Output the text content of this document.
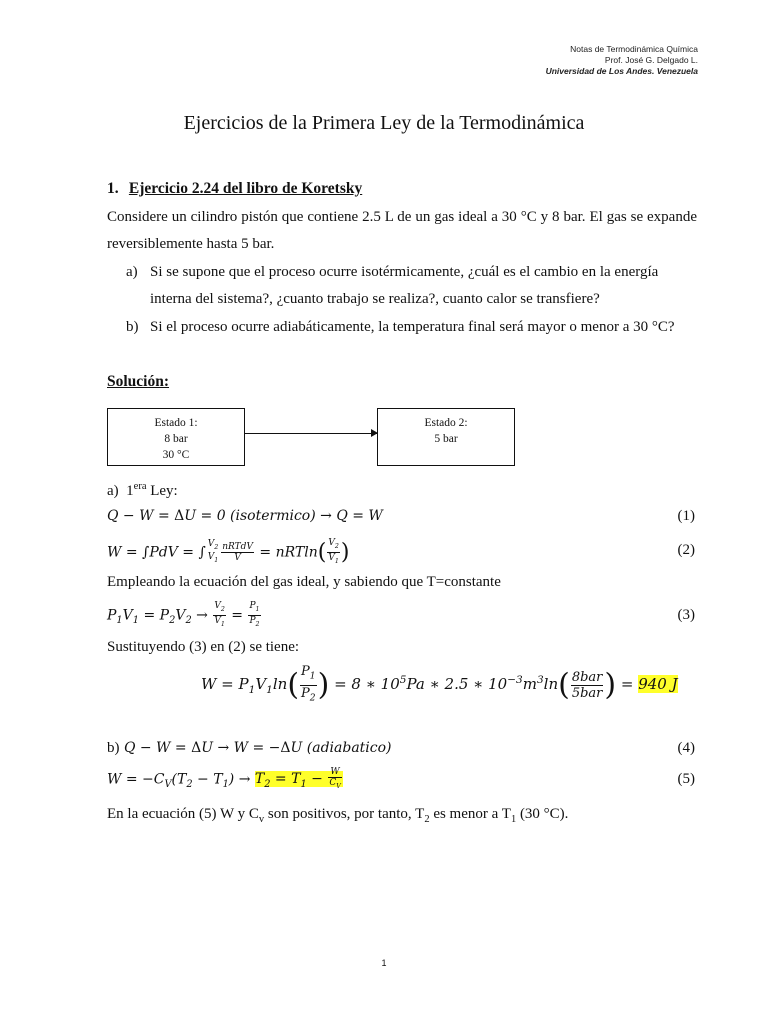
Notas de Termodinámica Química
Prof. José G. Delgado L.
Universidad de Los Andes. Venezuela
Ejercicios de la Primera Ley de la Termodinámica
1. Ejercicio 2.24 del libro de Koretsky
Considere un cilindro pistón que contiene 2.5 L de un gas ideal a 30 °C y 8 bar. El gas se expande reversiblemente hasta 5 bar.
a) Si se supone que el proceso ocurre isotérmicamente, ¿cuál es el cambio en la energía interna del sistema?, ¿cuanto trabajo se realiza?, cuanto calor se transfiere?
b) Si el proceso ocurre adiabáticamente, la temperatura final será mayor o menor a 30 °C?
Solución:
Estado 1:
8 bar
30 °C
Estado 2:
5 bar
a) $1^{era}$ Ley:
Q − W = ΔU = 0 (isotermico) → Q = W	(1)
W = ∫PdV = ∫
$V_2$
$V_1 \frac{\text{nRTdV}}{V} = nRTln( \frac{V_2}{V_1}$ )	(2)
Empleando la ecuación del gas ideal, y sabiendo que T=constante
$P_1V_1 = P_2V_2 \to \frac{V_2}{V_1} = \frac{P_1}{P_2}$	(3)
Sustituyendo (3) en (2) se tiene:
$W = P_1V_1\ln( \frac{P_1}{P_2}$ ) = 8 ∗ $10^5Pa$ ∗ 2.5 ∗ $10^{-3}m^3\ln( \frac{\text{8bar}}{\text{5bar}}$ ) = 940 J
b) Q − W = ΔU → W = −ΔU (adiabatico)	(4)
$W = -C_V(T_2 - T_1) \to T_2 = T_1 - \frac{W}{C_V}$	(5)
En la ecuación (5) W y $C_v$ son positivos, por tanto, $T_2$ es menor a $T_1$ (30 °C).
1
